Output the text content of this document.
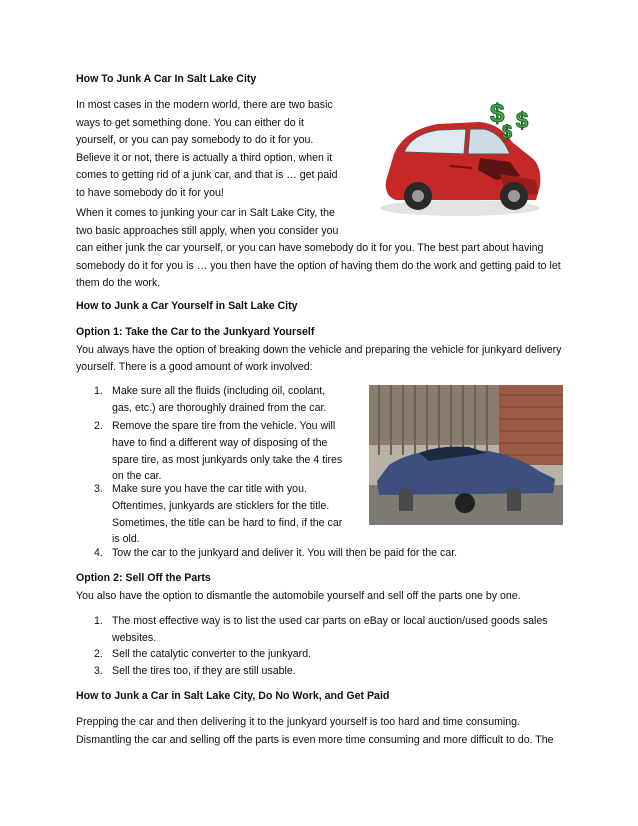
How To Junk A Car In Salt Lake City

In most cases in the modern world, there are two basic
ways to get something done. You can either do it
yourself, or you can pay somebody to do it for you.
Believe it or not, there is actually a third option, when it
comes to getting rid of a junk car, and that is … get paid
to have somebody do it for you!
$ $
$
When it comes to junking your car in Salt Lake City, the
two basic approaches still apply, when you consider you
can either junk the car yourself, or you can have somebody do it for you. The best part about having
somebody do it for you is … you then have the option of having them do the work and getting paid to let
them do the work.

How to Junk a Car Yourself in Salt Lake City

Option 1: Take the Car to the Junkyard Yourself
You always have the option of breaking down the vehicle and preparing the vehicle for junkyard delivery
yourself. There is a good amount of work involved:
1. Make sure all the fluids (including oil, coolant,
gas, etc.) are thoroughly drained from the car.
2. Remove the spare tire from the vehicle. You will
have to find a different way of disposing of the
spare tire, as most junkyards only take the 4 tires
on the car.
3. Make sure you have the car title with you.
Oftentimes, junkyards are sticklers for the title.
Sometimes, the title can be hard to find, if the car
is old.
4. Tow the car to the junkyard and deliver it. You will then be paid for the car.
Option 2: Sell Off the Parts
You also have the option to dismantle the automobile yourself and sell off the parts one by one.
1. The most effective way is to list the used car parts on eBay or local auction/used goods sales
websites.
2. Sell the catalytic converter to the junkyard.
3. Sell the tires too, if they are still usable.

How to Junk a Car in Salt Lake City, Do No Work, and Get Paid

Prepping the car and then delivering it to the junkyard yourself is too hard and time consuming.
Dismantling the car and selling off the parts is even more time consuming and more difficult to do. The
